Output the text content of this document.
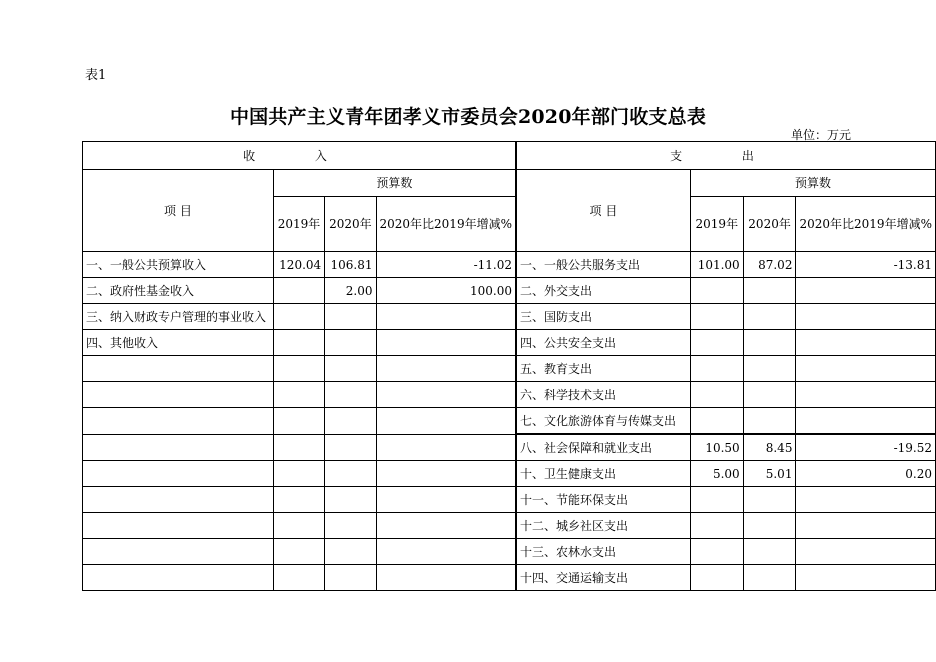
表1
中国共产主义青年团孝义市委员会2020年部门收支总表
单位：万元
收 入				支 出			
项 目	预算数			项 目	预算数		
	2019年	2020年	2020年比2019年增减%		2019年	2020年	2020年比2019年增减%
一、一般公共预算收入	120.04	106.81	-11.02	一、一般公共服务支出	101.00	87.02	-13.81
二、政府性基金收入		2.00	100.00	二、外交支出			
三、纳入财政专户管理的事业收入				三、国防支出			
四、其他收入				四、公共安全支出			
				五、教育支出			
				六、科学技术支出			
				七、文化旅游体育与传媒支出			
				八、社会保障和就业支出	10.50	8.45	-19.52
				十、卫生健康支出	5.00	5.01	0.20
				十一、节能环保支出			
				十二、城乡社区支出			
				十三、农林水支出			
				十四、交通运输支出			
